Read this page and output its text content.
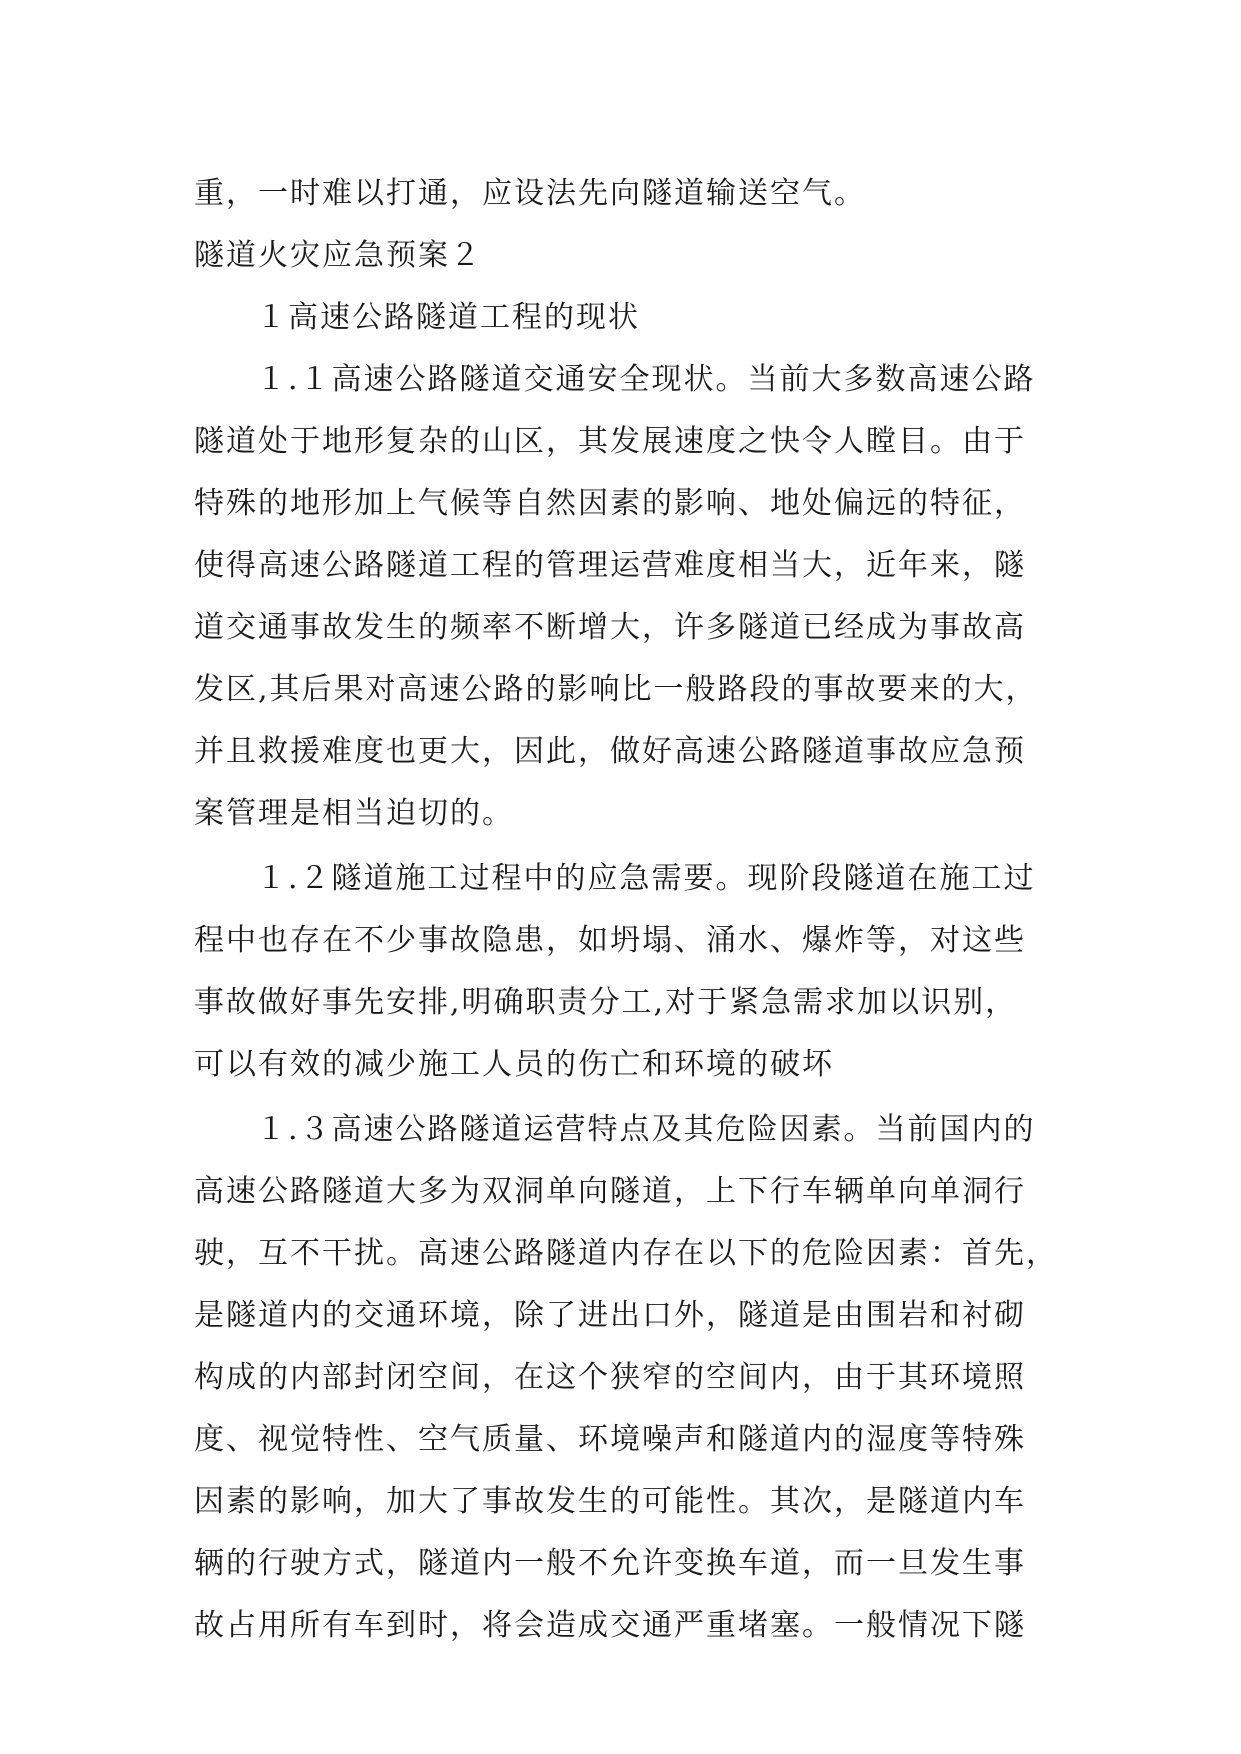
重，一时难以打通，应设法先向隧道输送空气。
隧道火灾应急预案２
１高速公路隧道工程的现状
１.１高速公路隧道交通安全现状。当前大多数高速公路
隧道处于地形复杂的山区，其发展速度之快令人瞠目。由于
特殊的地形加上气候等自然因素的影响、地处偏远的特征，
使得高速公路隧道工程的管理运营难度相当大，近年来，隧
道交通事故发生的频率不断增大，许多隧道已经成为事故高
发区,其后果对高速公路的影响比一般路段的事故要来的大，
并且救援难度也更大，因此，做好高速公路隧道事故应急预
案管理是相当迫切的。
１.２隧道施工过程中的应急需要。现阶段隧道在施工过
程中也存在不少事故隐患，如坍塌、涌水、爆炸等，对这些
事故做好事先安排,明确职责分工,对于紧急需求加以识别，
可以有效的减少施工人员的伤亡和环境的破坏
１.３高速公路隧道运营特点及其危险因素。当前国内的
高速公路隧道大多为双洞单向隧道，上下行车辆单向单洞行
驶，互不干扰。高速公路隧道内存在以下的危险因素：首先，
是隧道内的交通环境，除了进出口外，隧道是由围岩和衬砌
构成的内部封闭空间，在这个狭窄的空间内，由于其环境照
度、视觉特性、空气质量、环境噪声和隧道内的湿度等特殊
因素的影响，加大了事故发生的可能性。其次，是隧道内车
辆的行驶方式，隧道内一般不允许变换车道，而一旦发生事
故占用所有车到时，将会造成交通严重堵塞。一般情况下隧
